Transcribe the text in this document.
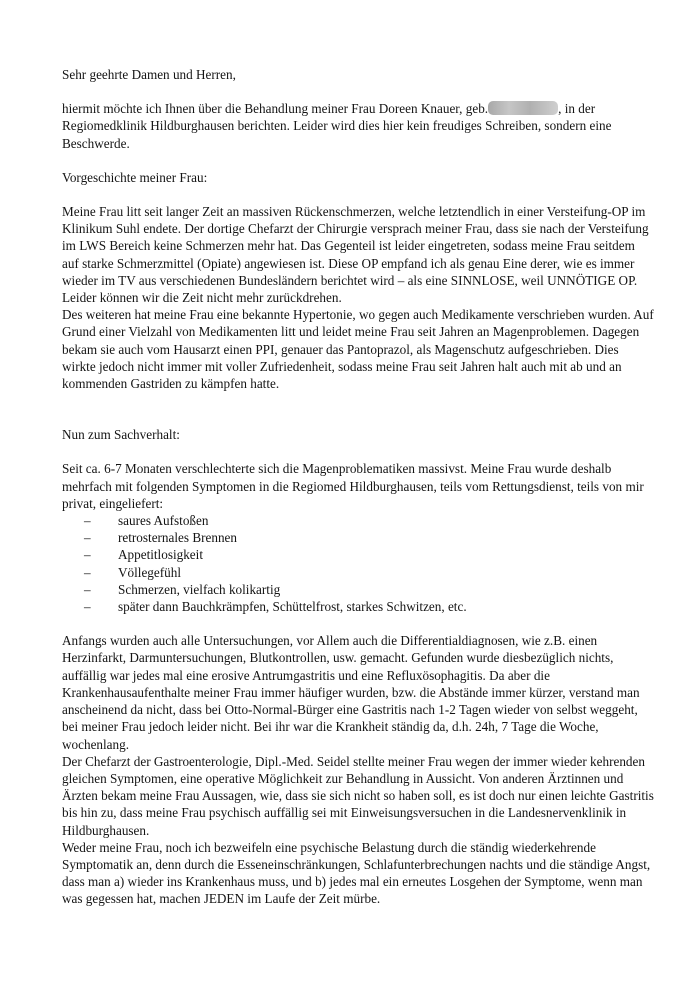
Sehr geehrte Damen und Herren,

hiermit möchte ich Ihnen über die Behandlung meiner Frau Doreen Knauer, geb.	, in der Regiomedklinik Hildburghausen berichten. Leider wird dies hier kein freudiges Schreiben, sondern eine Beschwerde.

Vorgeschichte meiner Frau:

Meine Frau litt seit langer Zeit an massiven Rückenschmerzen, welche letztendlich in einer Versteifung-OP im Klinikum Suhl endete. Der dortige Chefarzt der Chirurgie versprach meiner Frau, dass sie nach der Versteifung im LWS Bereich keine Schmerzen mehr hat. Das Gegenteil ist leider eingetreten, sodass meine Frau seitdem auf starke Schmerzmittel (Opiate) angewiesen ist. Diese OP empfand ich als genau Eine derer, wie es immer wieder im TV aus verschiedenen Bundesländern berichtet wird – als eine SINNLOSE, weil UNNÖTIGE OP.

Leider können wir die Zeit nicht mehr zurückdrehen.

Des weiteren hat meine Frau eine bekannte Hypertonie, wo gegen auch Medikamente verschrieben wurden. Auf Grund einer Vielzahl von Medikamenten litt und leidet meine Frau seit Jahren an Magenproblemen. Dagegen bekam sie auch vom Hausarzt einen PPI, genauer das Pantoprazol, als Magenschutz aufgeschrieben. Dies wirkte jedoch nicht immer mit voller Zufriedenheit, sodass meine Frau seit Jahren halt auch mit ab und an kommenden Gastriden zu kämpfen hatte.

Nun zum Sachverhalt:

Seit ca. 6-7 Monaten verschlechterte sich die Magenproblematiken massivst. Meine Frau wurde deshalb mehrfach mit folgenden Symptomen in die Regiomed Hildburghausen, teils vom Rettungsdienst, teils von mir privat, eingeliefert:

– saures Aufstoßen
– retrosternales Brennen
– Appetitlosigkeit
– Völlegefühl
– Schmerzen, vielfach kolikartig
– später dann Bauchkrämpfen, Schüttelfrost, starkes Schwitzen, etc.

Anfangs wurden auch alle Untersuchungen, vor Allem auch die Differentialdiagnosen, wie z.B. einen Herzinfarkt, Darmuntersuchungen, Blutkontrollen, usw. gemacht. Gefunden wurde diesbezüglich nichts, auffällig war jedes mal eine erosive Antrumgastritis und eine Refluxösophagitis. Da aber die Krankenhausaufenthalte meiner Frau immer häufiger wurden, bzw. die Abstände immer kürzer, verstand man anscheinend da nicht, dass bei Otto-Normal-Bürger eine Gastritis nach 1-2 Tagen wieder von selbst weggeht, bei meiner Frau jedoch leider nicht. Bei ihr war die Krankheit ständig da, d.h. 24h, 7 Tage die Woche, wochenlang.

Der Chefarzt der Gastroenterologie, Dipl.-Med. Seidel stellte meiner Frau wegen der immer wieder kehrenden gleichen Symptomen, eine operative Möglichkeit zur Behandlung in Aussicht. Von anderen Ärztinnen und Ärzten bekam meine Frau Aussagen, wie, dass sie sich nicht so haben soll, es ist doch nur einen leichte Gastritis bis hin zu, dass meine Frau psychisch auffällig sei mit Einweisungsversuchen in die Landesnervenklinik in Hildburghausen.

Weder meine Frau, noch ich bezweifeln eine psychische Belastung durch die ständig wiederkehrende Symptomatik an, denn durch die Esseneinschränkungen, Schlafunterbrechungen nachts und die ständige Angst, dass man a) wieder ins Krankenhaus muss, und b) jedes mal ein erneutes Losgehen der Symptome, wenn man was gegessen hat, machen JEDEN im Laufe der Zeit mürbe.
